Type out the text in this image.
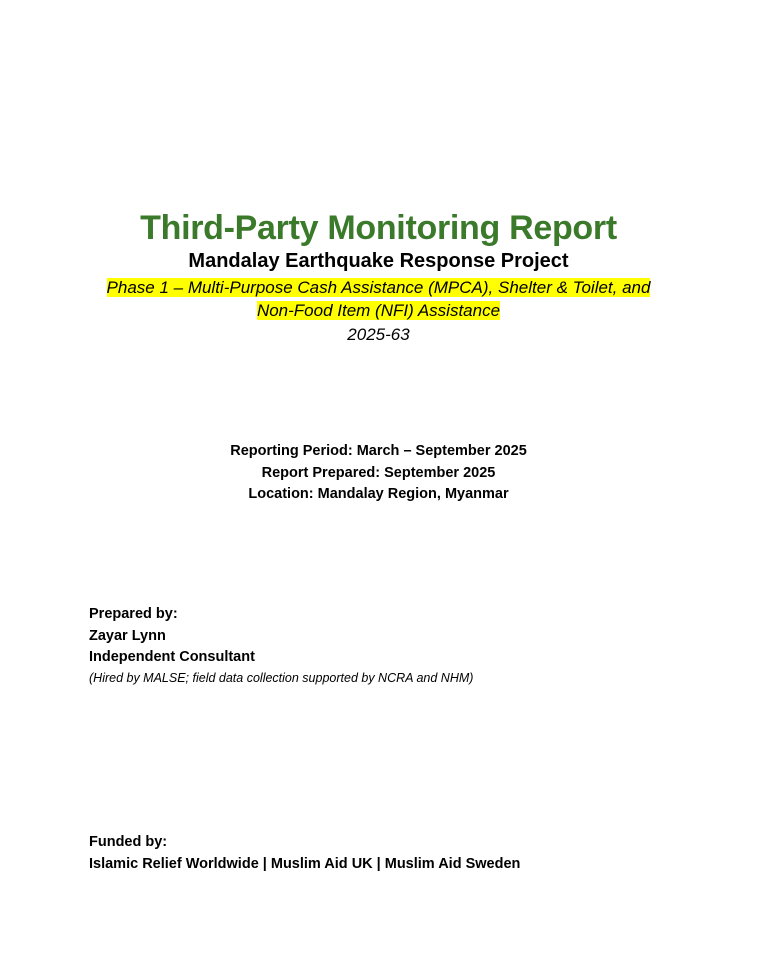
Third-Party Monitoring Report
Mandalay Earthquake Response Project
Phase 1 – Multi-Purpose Cash Assistance (MPCA), Shelter & Toilet, and
Non-Food Item (NFI) Assistance
2025-63
Reporting Period: March – September 2025
Report Prepared: September 2025
Location: Mandalay Region, Myanmar
Prepared by:
Zayar Lynn
Independent Consultant
(Hired by MALSE; field data collection supported by NCRA and NHM)
Funded by:
Islamic Relief Worldwide | Muslim Aid UK | Muslim Aid Sweden
